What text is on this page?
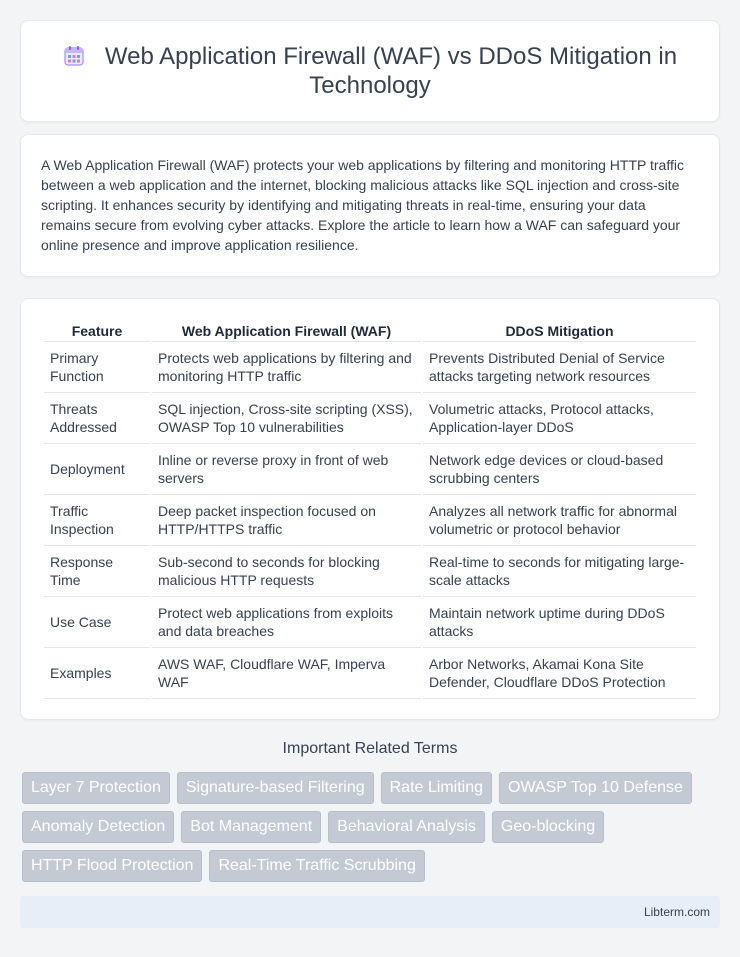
Web Application Firewall (WAF) vs DDoS Mitigation in Technology

A Web Application Firewall (WAF) protects your web applications by filtering and monitoring HTTP traffic between a web application and the internet, blocking malicious attacks like SQL injection and cross-site scripting. It enhances security by identifying and mitigating threats in real-time, ensuring your data remains secure from evolving cyber attacks. Explore the article to learn how a WAF can safeguard your online presence and improve application resilience.

Feature	Web Application Firewall (WAF)	DDoS Mitigation
Primary Function	Protects web applications by filtering and monitoring HTTP traffic	Prevents Distributed Denial of Service attacks targeting network resources
Threats Addressed	SQL injection, Cross-site scripting (XSS), OWASP Top 10 vulnerabilities	Volumetric attacks, Protocol attacks, Application-layer DDoS
Deployment	Inline or reverse proxy in front of web servers	Network edge devices or cloud-based scrubbing centers
Traffic Inspection	Deep packet inspection focused on HTTP/HTTPS traffic	Analyzes all network traffic for abnormal volumetric or protocol behavior
Response Time	Sub-second to seconds for blocking malicious HTTP requests	Real-time to seconds for mitigating large-scale attacks
Use Case	Protect web applications from exploits and data breaches	Maintain network uptime during DDoS attacks
Examples	AWS WAF, Cloudflare WAF, Imperva WAF	Arbor Networks, Akamai Kona Site Defender, Cloudflare DDoS Protection
Important Related Terms
Layer 7 Protection	Signature-based Filtering	Rate Limiting	OWASP Top 10 Defense
Anomaly Detection	Bot Management	Behavioral Analysis	Geo-blocking
HTTP Flood Protection	Real-Time Traffic Scrubbing
Libterm.com
